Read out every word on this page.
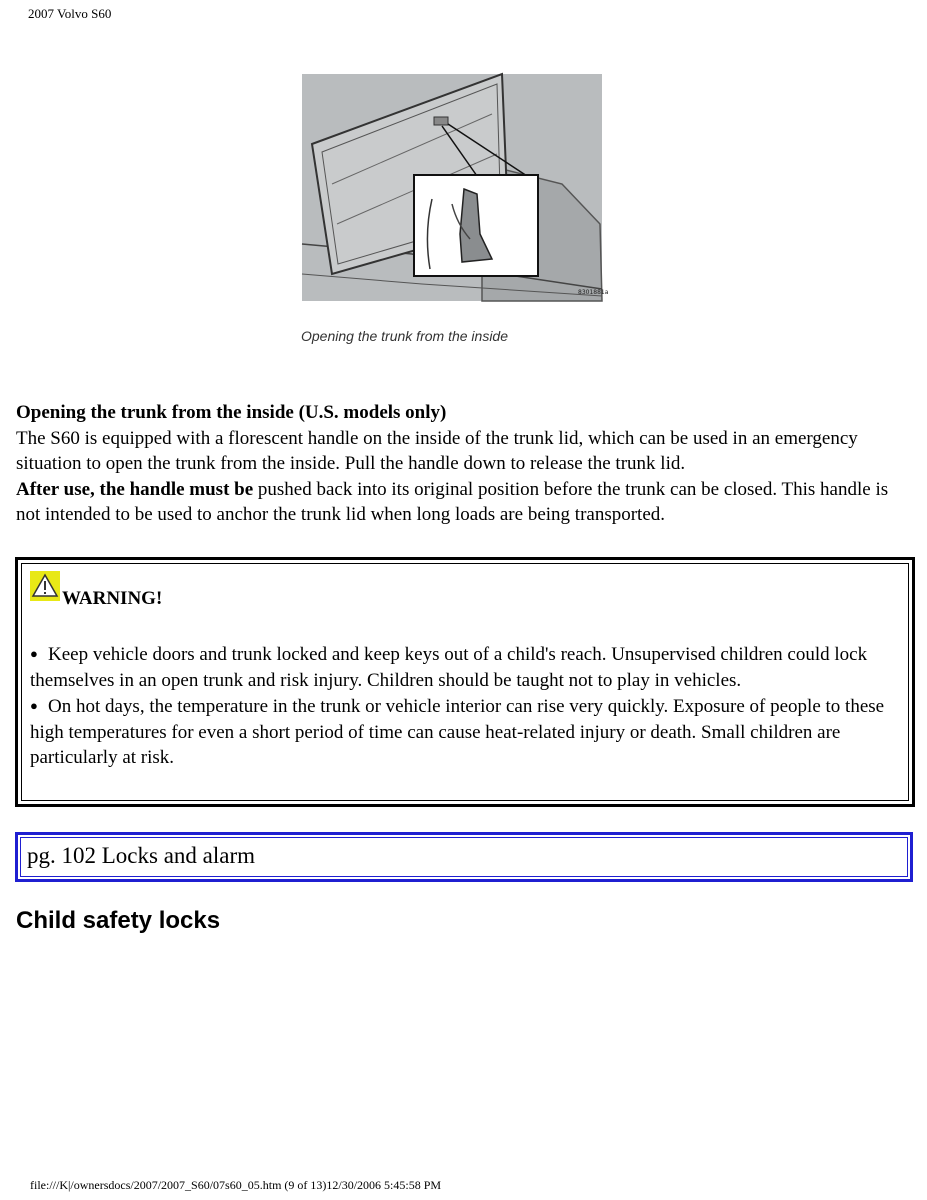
2007 Volvo S60
8301881a
Opening the trunk from the inside

Opening the trunk from the inside (U.S. models only)

The S60 is equipped with a florescent handle on the inside of the trunk lid, which can be used in an emergency situation to open the trunk from the inside. Pull the handle down to release the trunk lid.

After use, the handle must be pushed back into its original position before the trunk can be closed. This handle is not intended to be used to anchor the trunk lid when long loads are being transported.

WARNING!

● Keep vehicle doors and trunk locked and keep keys out of a child's reach. Unsupervised children could lock themselves in an open trunk and risk injury. Children should be taught not to play in vehicles.

● On hot days, the temperature in the trunk or vehicle interior can rise very quickly. Exposure of people to these high temperatures for even a short period of time can cause heat-related injury or death. Small children are particularly at risk.

pg. 102 Locks and alarm
Child safety locks
file:///K|/ownersdocs/2007/2007_S60/07s60_05.htm (9 of 13)12/30/2006 5:45:58 PM
